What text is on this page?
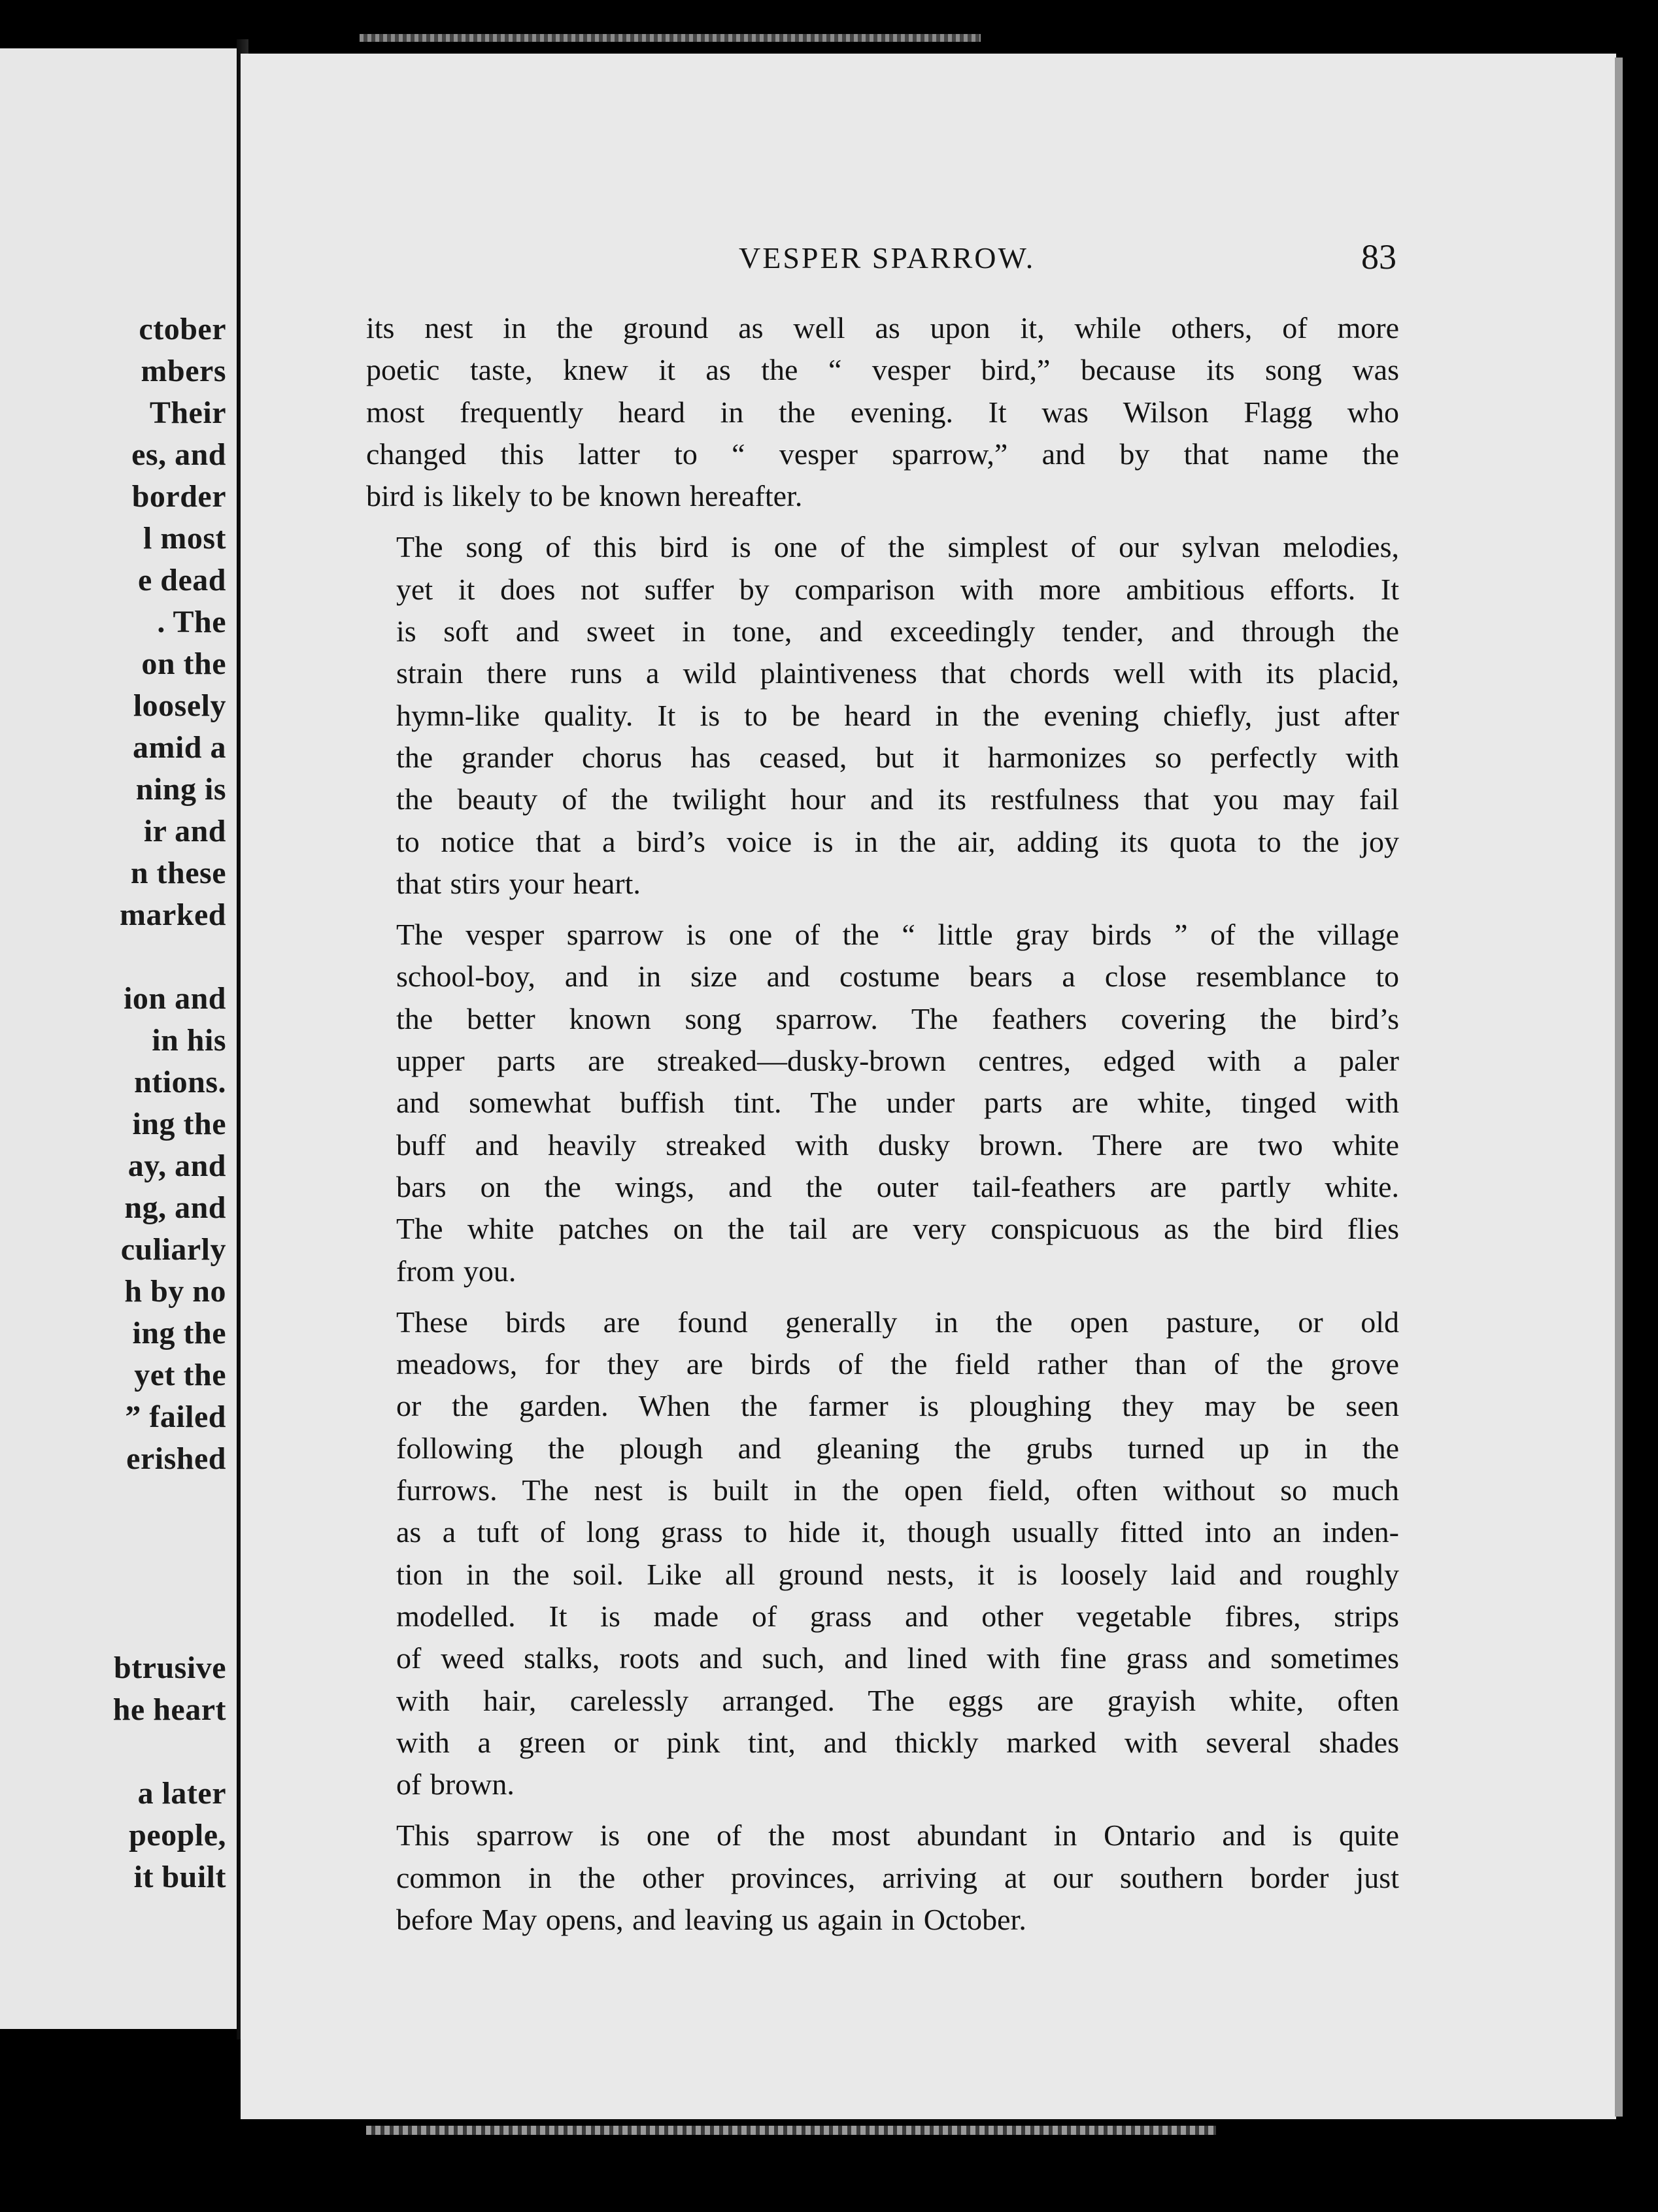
ctober
mbers
Their
es, and
border
l most
e dead
. The
on the
loosely
amid a
ning is
ir and
n these
marked
ion and
in his
ntions.
ing the
ay, and
ng, and
culiarly
h by no
ing the
yet the
” failed
erished
btrusive
he heart
a later
people,
it built
VESPER SPARROW.	83

its nest in the ground as well as upon it, while others, of more
poetic taste, knew it as the “ vesper bird,” because its song was
most frequently heard in the evening. It was Wilson Flagg who
changed this latter to “ vesper sparrow,” and by that name the
bird is likely to be known hereafter.

The song of this bird is one of the simplest of our sylvan melodies,
yet it does not suffer by comparison with more ambitious efforts. It
is soft and sweet in tone, and exceedingly tender, and through the
strain there runs a wild plaintiveness that chords well with its placid,
hymn-like quality. It is to be heard in the evening chiefly, just after
the grander chorus has ceased, but it harmonizes so perfectly with
the beauty of the twilight hour and its restfulness that you may fail
to notice that a bird’s voice is in the air, adding its quota to the joy
that stirs your heart.

The vesper sparrow is one of the “ little gray birds ” of the village
school-boy, and in size and costume bears a close resemblance to
the better known song sparrow. The feathers covering the bird’s
upper parts are streaked—dusky-brown centres, edged with a paler
and somewhat buffish tint. The under parts are white, tinged with
buff and heavily streaked with dusky brown. There are two white
bars on the wings, and the outer tail-feathers are partly white.
The white patches on the tail are very conspicuous as the bird flies
from you.

These birds are found generally in the open pasture, or old
meadows, for they are birds of the field rather than of the grove
or the garden. When the farmer is ploughing they may be seen
following the plough and gleaning the grubs turned up in the
furrows. The nest is built in the open field, often without so much
as a tuft of long grass to hide it, though usually fitted into an inden-
tion in the soil. Like all ground nests, it is loosely laid and roughly
modelled. It is made of grass and other vegetable fibres, strips
of weed stalks, roots and such, and lined with fine grass and sometimes
with hair, carelessly arranged. The eggs are grayish white, often
with a green or pink tint, and thickly marked with several shades
of brown.

This sparrow is one of the most abundant in Ontario and is quite
common in the other provinces, arriving at our southern border just
before May opens, and leaving us again in October.
